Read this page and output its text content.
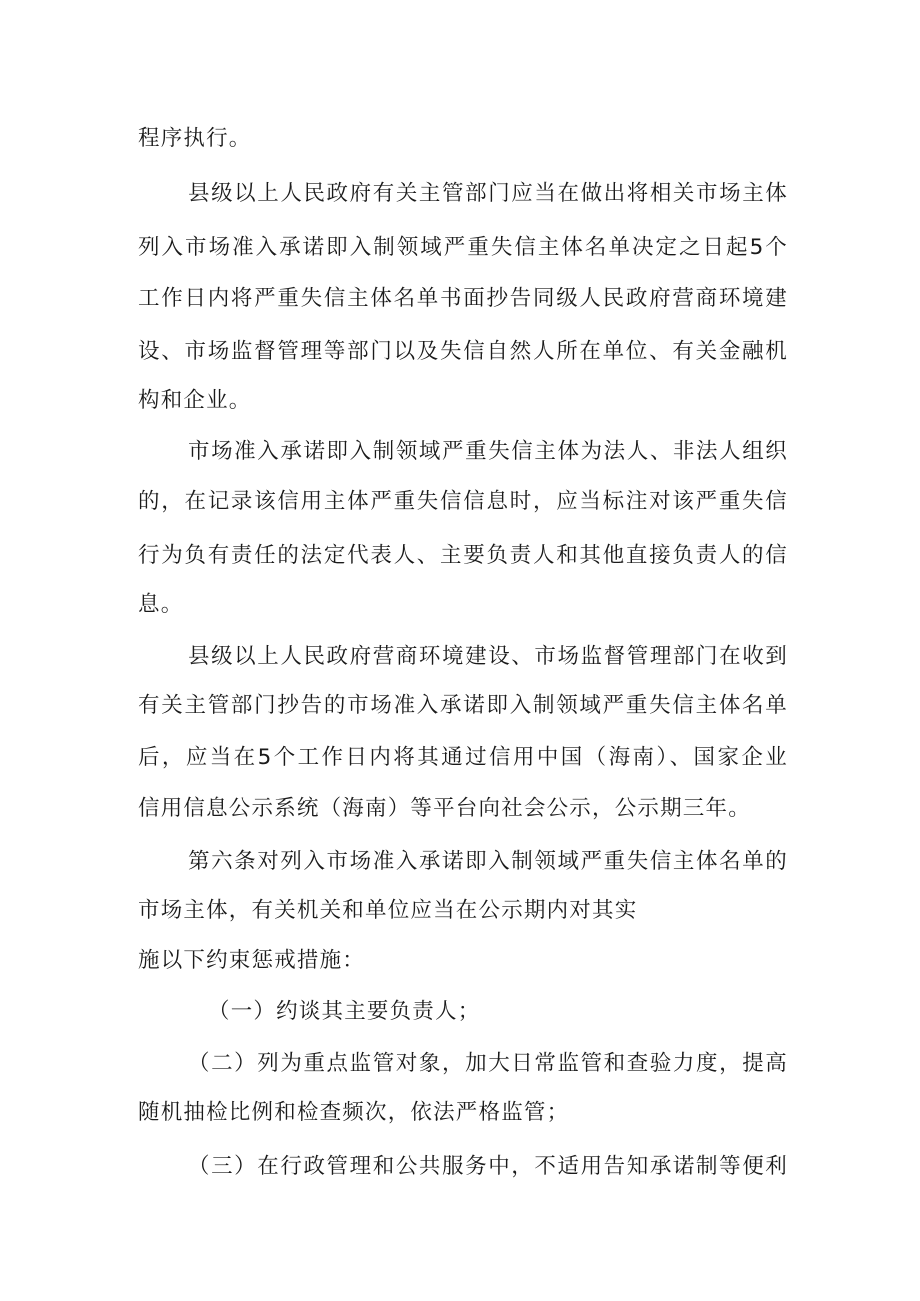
程序执行。
县级以上人民政府有关主管部门应当在做出将相关市场主体
列入市场准入承诺即入制领域严重失信主体名单决定之日起5个
工作日内将严重失信主体名单书面抄告同级人民政府营商环境建
设、市场监督管理等部门以及失信自然人所在单位、有关金融机
构和企业。
市场准入承诺即入制领域严重失信主体为法人、非法人组织
的，在记录该信用主体严重失信信息时，应当标注对该严重失信
行为负有责任的法定代表人、主要负责人和其他直接负责人的信
息。
县级以上人民政府营商环境建设、市场监督管理部门在收到
有关主管部门抄告的市场准入承诺即入制领域严重失信主体名单
后，应当在5个工作日内将其通过信用中国（海南）、国家企业
信用信息公示系统（海南）等平台向社会公示，公示期三年。
第六条对列入市场准入承诺即入制领域严重失信主体名单的
市场主体，有关机关和单位应当在公示期内对其实
施以下约束惩戒措施：
（一）约谈其主要负责人；
（二）列为重点监管对象，加大日常监管和查验力度，提高
随机抽检比例和检查频次，依法严格监管；
（三）在行政管理和公共服务中，不适用告知承诺制等便利
